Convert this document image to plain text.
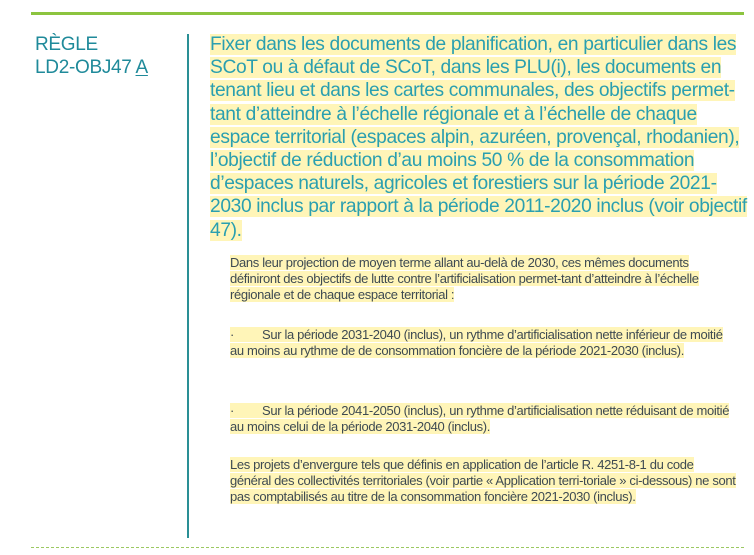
RÈGLE
LD2-OBJ47 A
Fixer dans les documents de planification, en particulier dans les SCoT ou à défaut de SCoT, dans les PLU(i), les documents en tenant lieu et dans les cartes communales, des objectifs permet-tant d’atteindre à l’échelle régionale et à l’échelle de chaque espace territorial (espaces alpin, azuréen, provençal, rhodanien), l’objectif de réduction d’au moins 50 % de la consommation d’espaces naturels, agricoles et forestiers sur la période 2021-2030 inclus par rapport à la période 2011-2020 inclus (voir objectif 47).
Dans leur projection de moyen terme allant au-delà de 2030, ces mêmes documents définiront des objectifs de lutte contre l’artificialisation permet-tant d’atteindre à l’échelle régionale et de chaque espace territorial :
· Sur la période 2031-2040 (inclus), un rythme d’artificialisation nette inférieur de moitié au moins au rythme de de consommation foncière de la période 2021-2030 (inclus).
· Sur la période 2041-2050 (inclus), un rythme d’artificialisation nette réduisant de moitié au moins celui de la période 2031-2040 (inclus).
Les projets d’envergure tels que définis en application de l’article R. 4251-8-1 du code général des collectivités territoriales (voir partie « Application terri-toriale » ci-dessous) ne sont pas comptabilisés au titre de la consommation foncière 2021-2030 (inclus).
